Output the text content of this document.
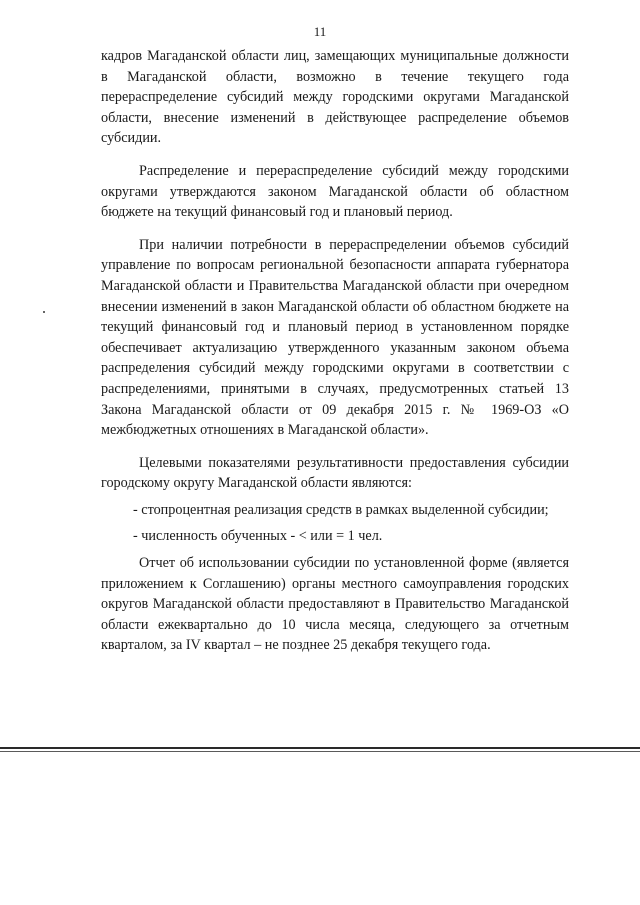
11

кадров Магаданской области лиц, замещающих муниципальные должности в Магаданской области, возможно в течение текущего года перераспределение субсидий между городскими округами Магаданской области, внесение изменений в действующее распределение объемов субсидии.

Распределение и перераспределение субсидий между городскими округами утверждаются законом Магаданской области об областном бюджете на текущий финансовый год и плановый период.

При наличии потребности в перераспределении объемов субсидий управление по вопросам региональной безопасности аппарата губернатора Магаданской области и Правительства Магаданской области при очередном внесении изменений в закон Магаданской области об областном бюджете на текущий финансовый год и плановый период в установленном порядке обеспечивает актуализацию утвержденного указанным законом объема распределения субсидий между городскими округами в соответствии с распределениями, принятыми в случаях, предусмотренных статьей 13 Закона Магаданской области от 09 декабря 2015 г. № 1969-ОЗ «О межбюджетных отношениях в Магаданской области».

Целевыми показателями результативности предоставления субсидии городскому округу Магаданской области являются:

- стопроцентная реализация средств в рамках выделенной субсидии;

- численность обученных - < или = 1 чел.

Отчет об использовании субсидии по установленной форме (является приложением к Соглашению) органы местного самоуправления городских округов Магаданской области предоставляют в Правительство Магаданской области ежеквартально до 10 числа месяца, следующего за отчетным кварталом, за IV квартал – не позднее 25 декабря текущего года.
